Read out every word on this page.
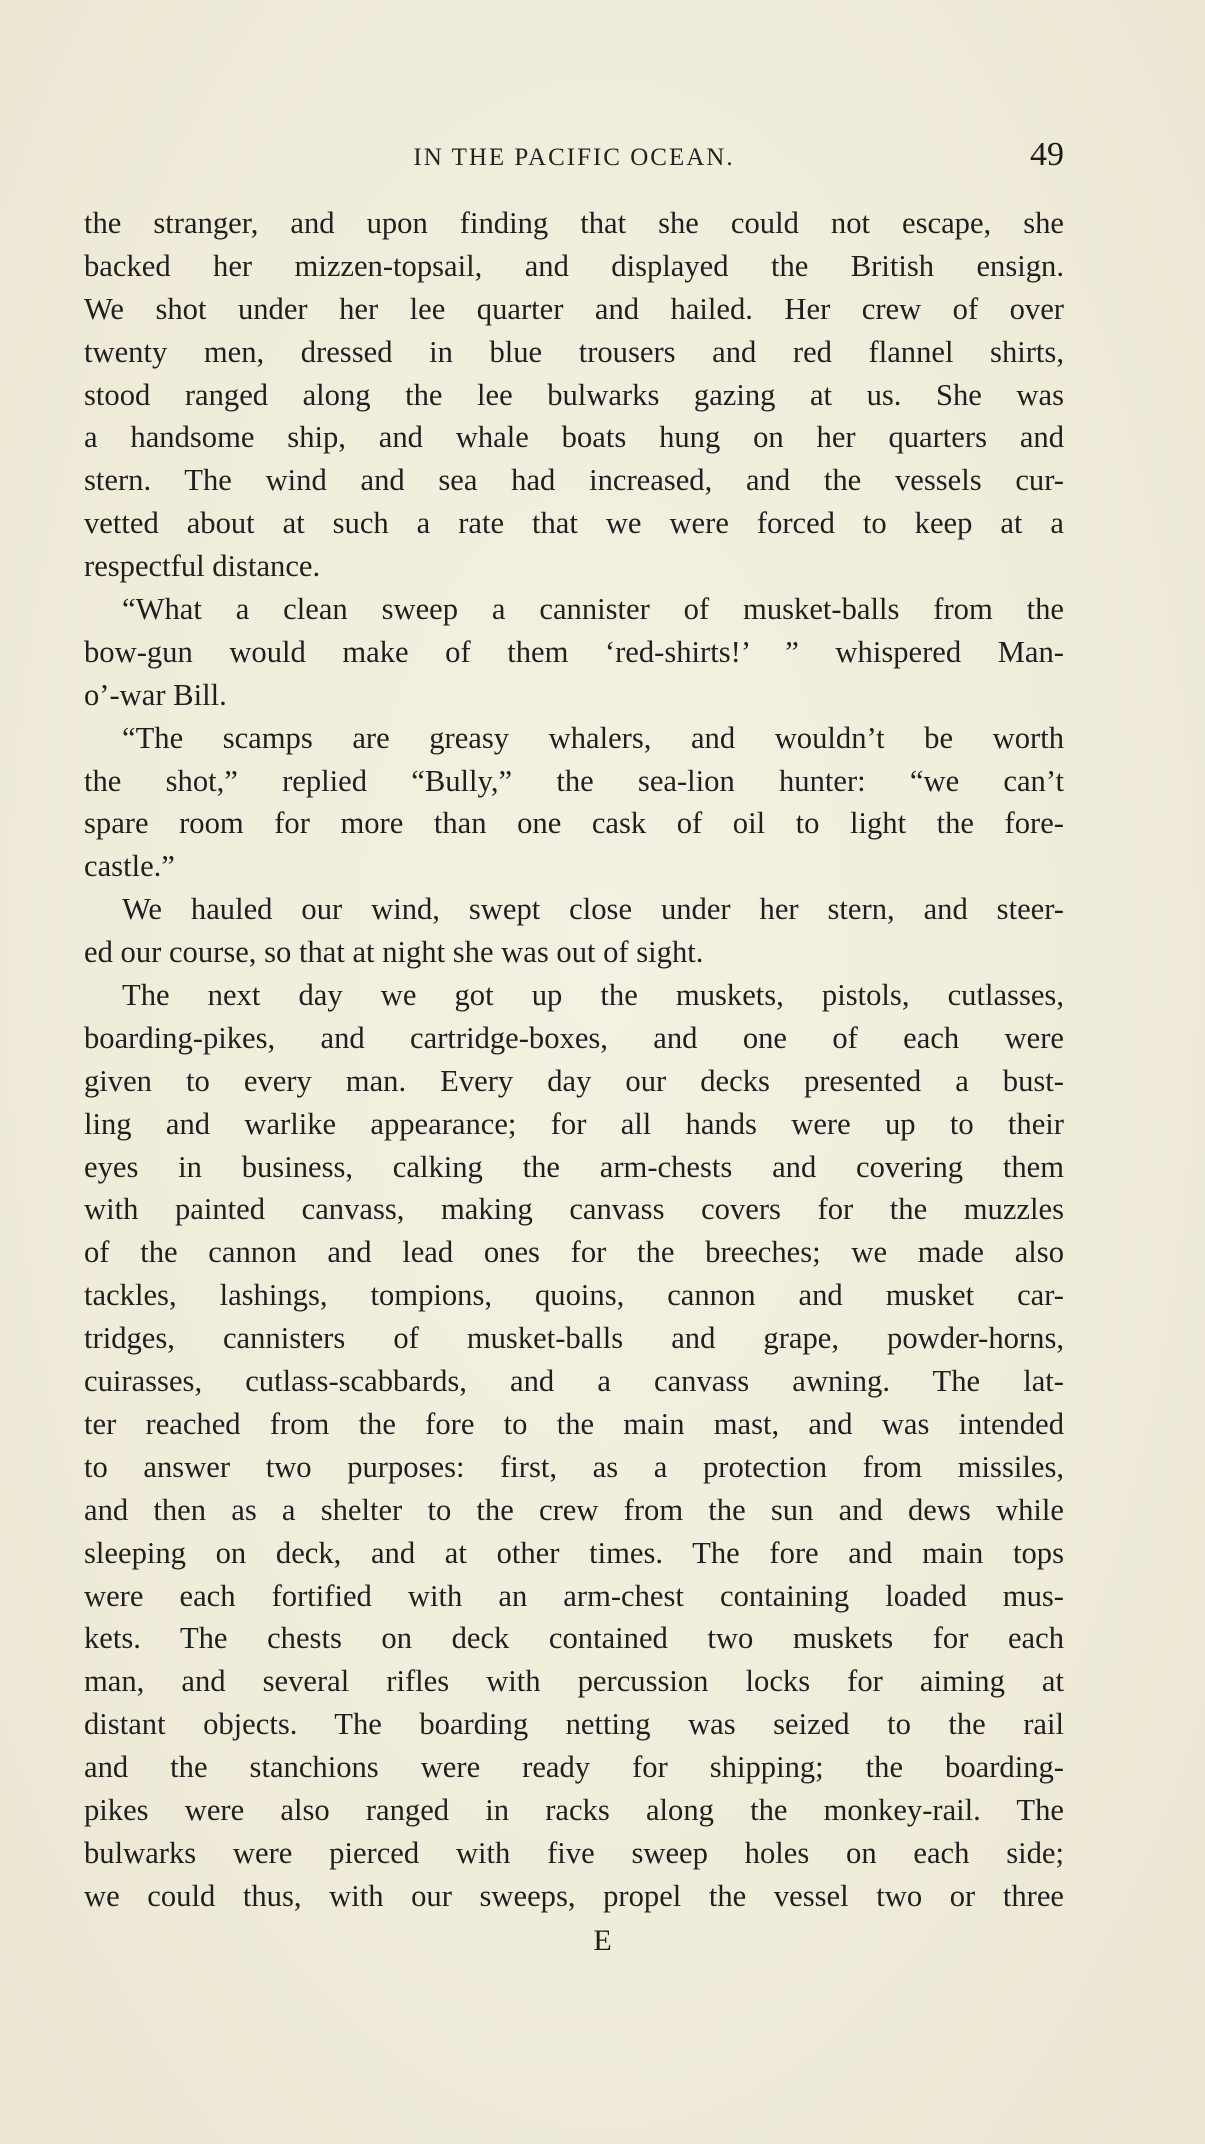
IN THE PACIFIC OCEAN.	49
the stranger, and upon finding that she could not escape, she
backed her mizzen-topsail, and displayed the British ensign.
We shot under her lee quarter and hailed. Her crew of over
twenty men, dressed in blue trousers and red flannel shirts,
stood ranged along the lee bulwarks gazing at us. She was
a handsome ship, and whale boats hung on her quarters and
stern. The wind and sea had increased, and the vessels cur-
vetted about at such a rate that we were forced to keep at a
respectful distance.
“What a clean sweep a cannister of musket-balls from the
bow-gun would make of them ‘red-shirts!’ ” whispered Man-
o’-war Bill.
“The scamps are greasy whalers, and wouldn’t be worth
the shot,” replied “Bully,” the sea-lion hunter: “we can’t
spare room for more than one cask of oil to light the fore-
castle.”
We hauled our wind, swept close under her stern, and steer-
ed our course, so that at night she was out of sight.
The next day we got up the muskets, pistols, cutlasses,
boarding-pikes, and cartridge-boxes, and one of each were
given to every man. Every day our decks presented a bust-
ling and warlike appearance; for all hands were up to their
eyes in business, calking the arm-chests and covering them
with painted canvass, making canvass covers for the muzzles
of the cannon and lead ones for the breeches; we made also
tackles, lashings, tompions, quoins, cannon and musket car-
tridges, cannisters of musket-balls and grape, powder-horns,
cuirasses, cutlass-scabbards, and a canvass awning. The lat-
ter reached from the fore to the main mast, and was intended
to answer two purposes: first, as a protection from missiles,
and then as a shelter to the crew from the sun and dews while
sleeping on deck, and at other times. The fore and main tops
were each fortified with an arm-chest containing loaded mus-
kets. The chests on deck contained two muskets for each
man, and several rifles with percussion locks for aiming at
distant objects. The boarding netting was seized to the rail
and the stanchions were ready for shipping; the boarding-
pikes were also ranged in racks along the monkey-rail. The
bulwarks were pierced with five sweep holes on each side;
we could thus, with our sweeps, propel the vessel two or three
E
